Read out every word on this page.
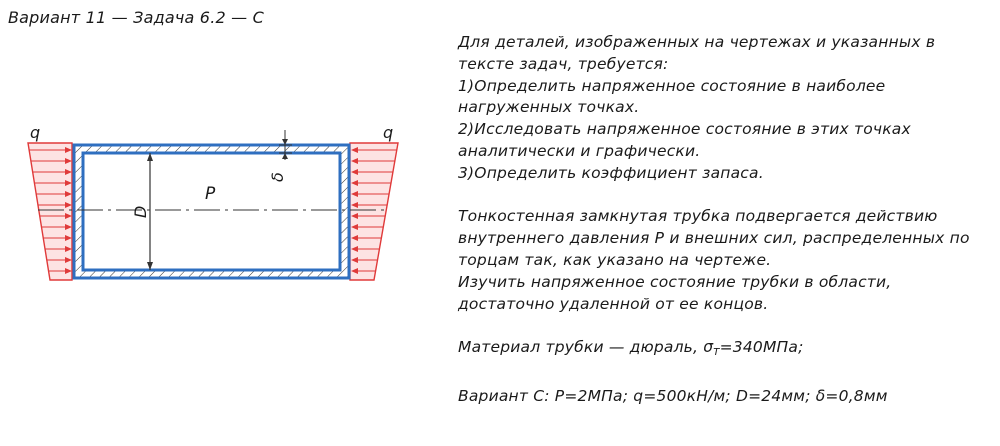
Вариант 11 — Задача 6.2 — С
q	q
P
D
δ
Для деталей, изображенных на чертежах и указанных в
тексте задач, требуется:
1)Определить напряженное состояние в наиболее
нагруженных точках.
2)Исследовать напряженное состояние в этих точках
аналитически и графически.
3)Определить коэффициент запаса.
Тонкостенная замкнутая трубка подвергается действию
внутреннего давления Р и внешних сил, распределенных по
торцам так, как указано на чертеже.
Изучить напряженное состояние трубки в области,
достаточно удаленной от ее концов.
Материал трубки — дюраль, $\sigma_Т=340МПа$;
Вариант С: Р=2МПа; q=500кН/м; D=24мм; δ=0,8мм
